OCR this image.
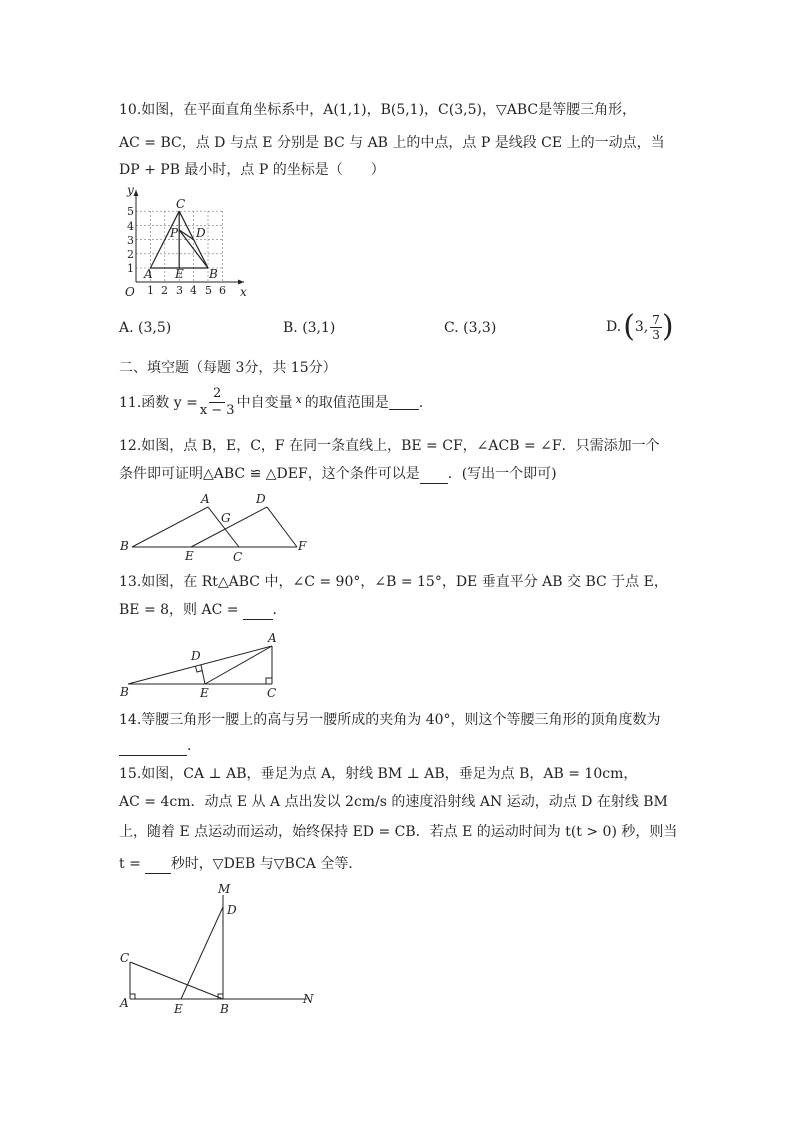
10.如图，在平面直角坐标系中，A(1,1)，B(5,1)，C(3,5)，▽ABC是等腰三角形，
AC = BC，点 D 与点 E 分别是 BC 与 AB 上的中点，点 P 是线段 CE 上的一动点，当
DP + PB 最小时，点 P 的坐标是（　　）
y
x
O 1 2 3 4 5 6
1
2
3
4
5
A	B
C
D
E
P
A. (3,5)	B. (3,1)	C. (3,3)	D. ( 3, $\frac{7}{3}$ )
二、填空题（每题 3分，共 15分）
11.函数 $y = \frac{2}{x - 3}$ 中自变量 x 的取值范围是 .
12.如图，点 B，E，C，F 在同一条直线上，BE = CF，∠ACB = ∠F．只需添加一个
条件即可证明△ABC ≌ △DEF，这个条件可以是 ．(写出一个即可)
B
A
G
D
E	C
F
13.如图，在 Rt△ABC 中，∠C = 90°，∠B = 15°，DE 垂直平分 AB 交 BC 于点 E，
BE = 8，则 AC = ．
B
A
D
E	C
14.等腰三角形一腰上的高与另一腰所成的夹角为 40°，则这个等腰三角形的顶角度数为
.
15.如图，CA ⊥ AB，垂足为点 A，射线 BM ⊥ AB，垂足为点 B，AB = 10cm，
AC = 4cm．动点 E 从 A 点出发以 2cm/s 的速度沿射线 AN 运动，动点 D 在射线 BM
上，随着 E 点运动而运动，始终保持 ED = CB．若点 E 的运动时间为 t(t > 0) 秒，则当
t = 秒时，▽DEB 与▽BCA 全等．
M
D
C
A	E	B
N
